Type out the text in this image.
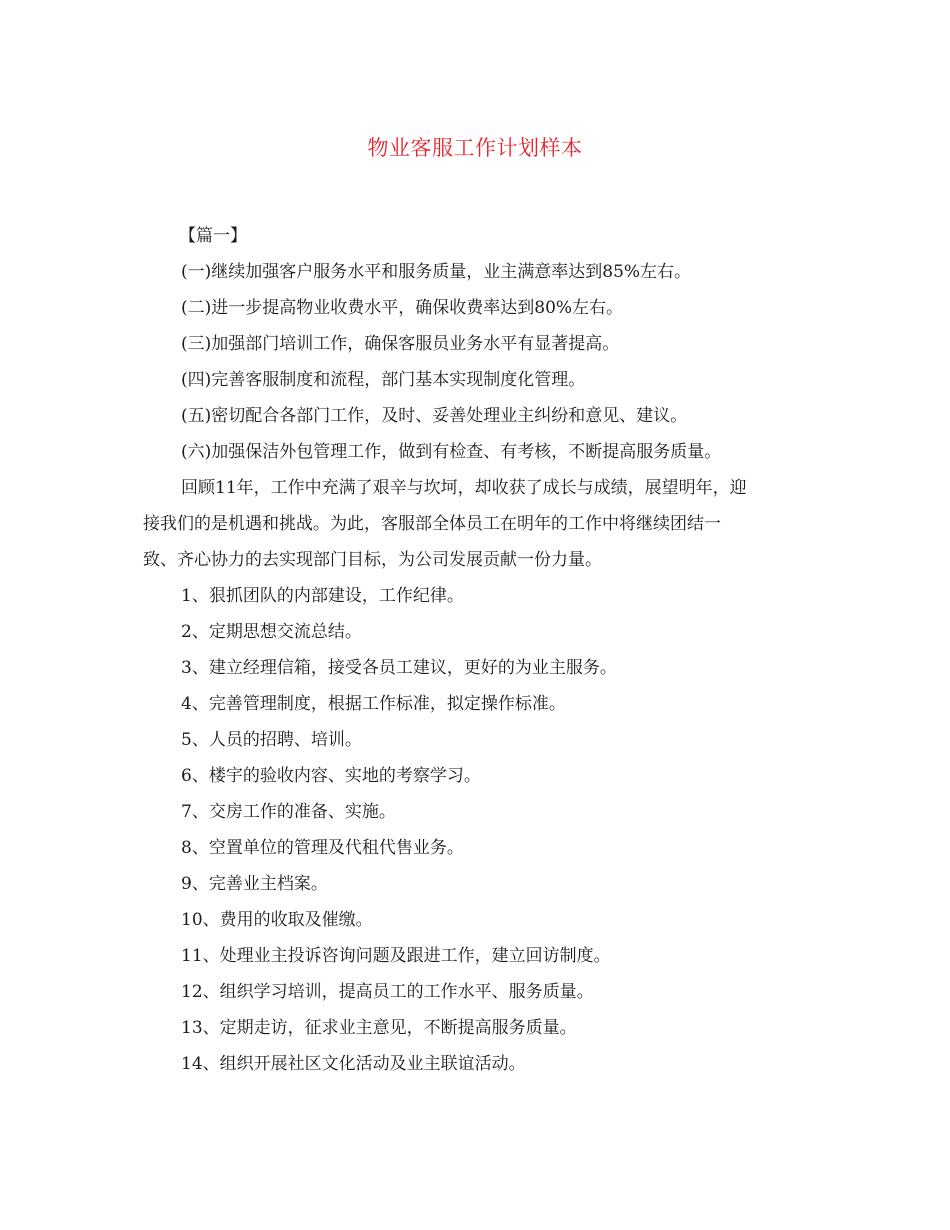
物业客服工作计划样本
【篇一】
(一)继续加强客户服务水平和服务质量，业主满意率达到85%左右。
(二)进一步提高物业收费水平，确保收费率达到80%左右。
(三)加强部门培训工作，确保客服员业务水平有显著提高。
(四)完善客服制度和流程，部门基本实现制度化管理。
(五)密切配合各部门工作，及时、妥善处理业主纠纷和意见、建议。
(六)加强保洁外包管理工作，做到有检查、有考核，不断提高服务质量。
回顾11年，工作中充满了艰辛与坎坷，却收获了成长与成绩，展望明年，迎
接我们的是机遇和挑战。为此，客服部全体员工在明年的工作中将继续团结一
致、齐心协力的去实现部门目标，为公司发展贡献一份力量。
1、狠抓团队的内部建设，工作纪律。
2、定期思想交流总结。
3、建立经理信箱，接受各员工建议，更好的为业主服务。
4、完善管理制度，根据工作标准，拟定操作标准。
5、人员的招聘、培训。
6、楼宇的验收内容、实地的考察学习。
7、交房工作的准备、实施。
8、空置单位的管理及代租代售业务。
9、完善业主档案。
10、费用的收取及催缴。
11、处理业主投诉咨询问题及跟进工作，建立回访制度。
12、组织学习培训，提高员工的工作水平、服务质量。
13、定期走访，征求业主意见，不断提高服务质量。
14、组织开展社区文化活动及业主联谊活动。
